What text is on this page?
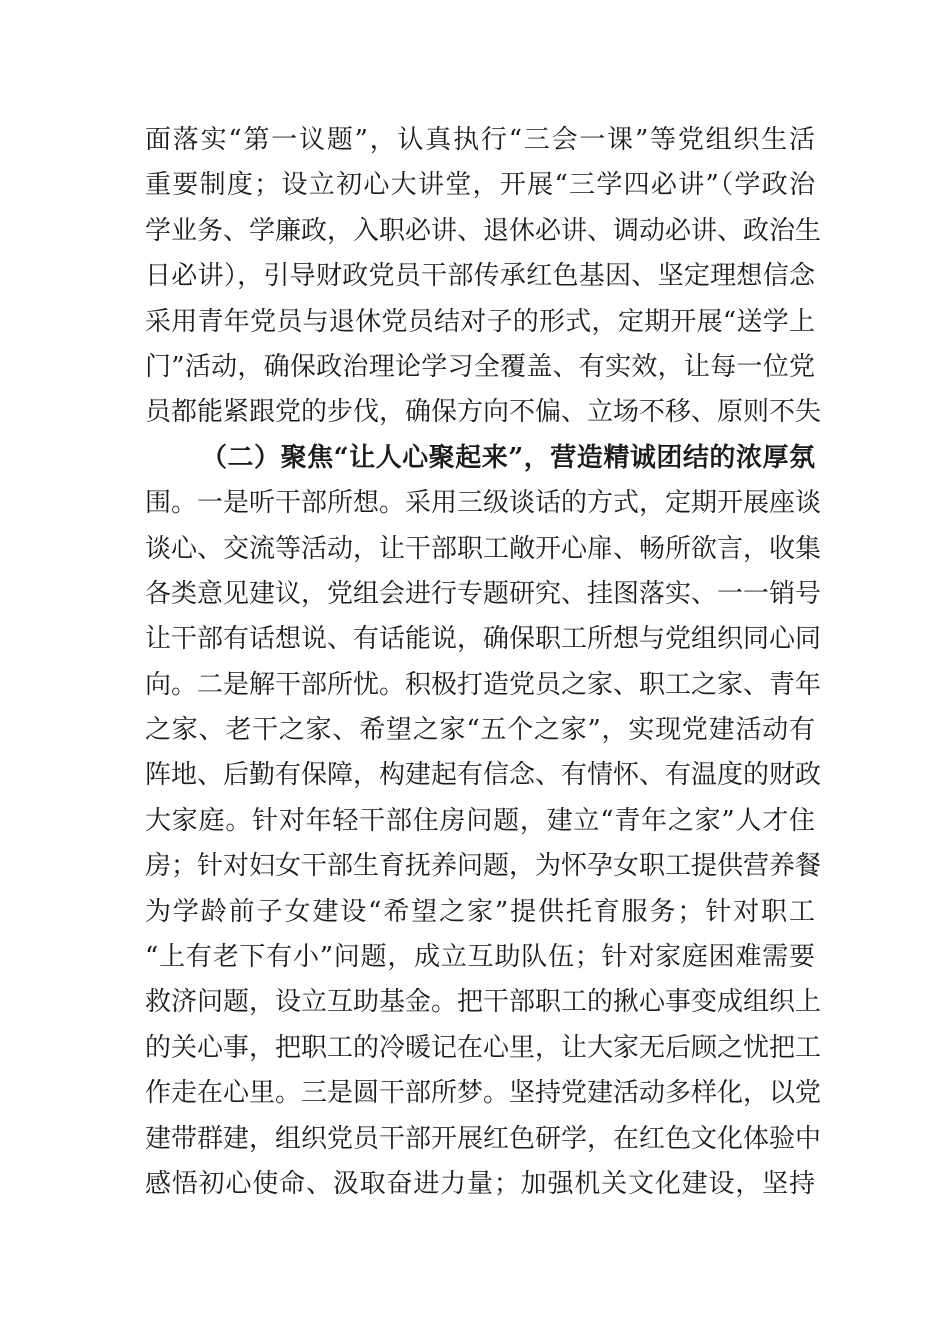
面落实“第一议题”，认真执行“三会一课”等党组织生活
重要制度；设立初心大讲堂，开展“三学四必讲”（学政治
学业务、学廉政，入职必讲、退休必讲、调动必讲、政治生
日必讲），引导财政党员干部传承红色基因、坚定理想信念
采用青年党员与退休党员结对子的形式，定期开展“送学上
门”活动，确保政治理论学习全覆盖、有实效，让每一位党
员都能紧跟党的步伐，确保方向不偏、立场不移、原则不失
（二）聚焦“让人心聚起来”，营造精诚团结的浓厚氛
围。一是听干部所想。采用三级谈话的方式，定期开展座谈
谈心、交流等活动，让干部职工敞开心扉、畅所欲言，收集
各类意见建议，党组会进行专题研究、挂图落实、一一销号
让干部有话想说、有话能说，确保职工所想与党组织同心同
向。二是解干部所忧。积极打造党员之家、职工之家、青年
之家、老干之家、希望之家“五个之家”，实现党建活动有
阵地、后勤有保障，构建起有信念、有情怀、有温度的财政
大家庭。针对年轻干部住房问题，建立“青年之家”人才住
房；针对妇女干部生育抚养问题，为怀孕女职工提供营养餐
为学龄前子女建设“希望之家”提供托育服务；针对职工
“上有老下有小”问题，成立互助队伍；针对家庭困难需要
救济问题，设立互助基金。把干部职工的揪心事变成组织上
的关心事，把职工的冷暖记在心里，让大家无后顾之忧把工
作走在心里。三是圆干部所梦。坚持党建活动多样化，以党
建带群建，组织党员干部开展红色研学，在红色文化体验中
感悟初心使命、汲取奋进力量；加强机关文化建设，坚持
